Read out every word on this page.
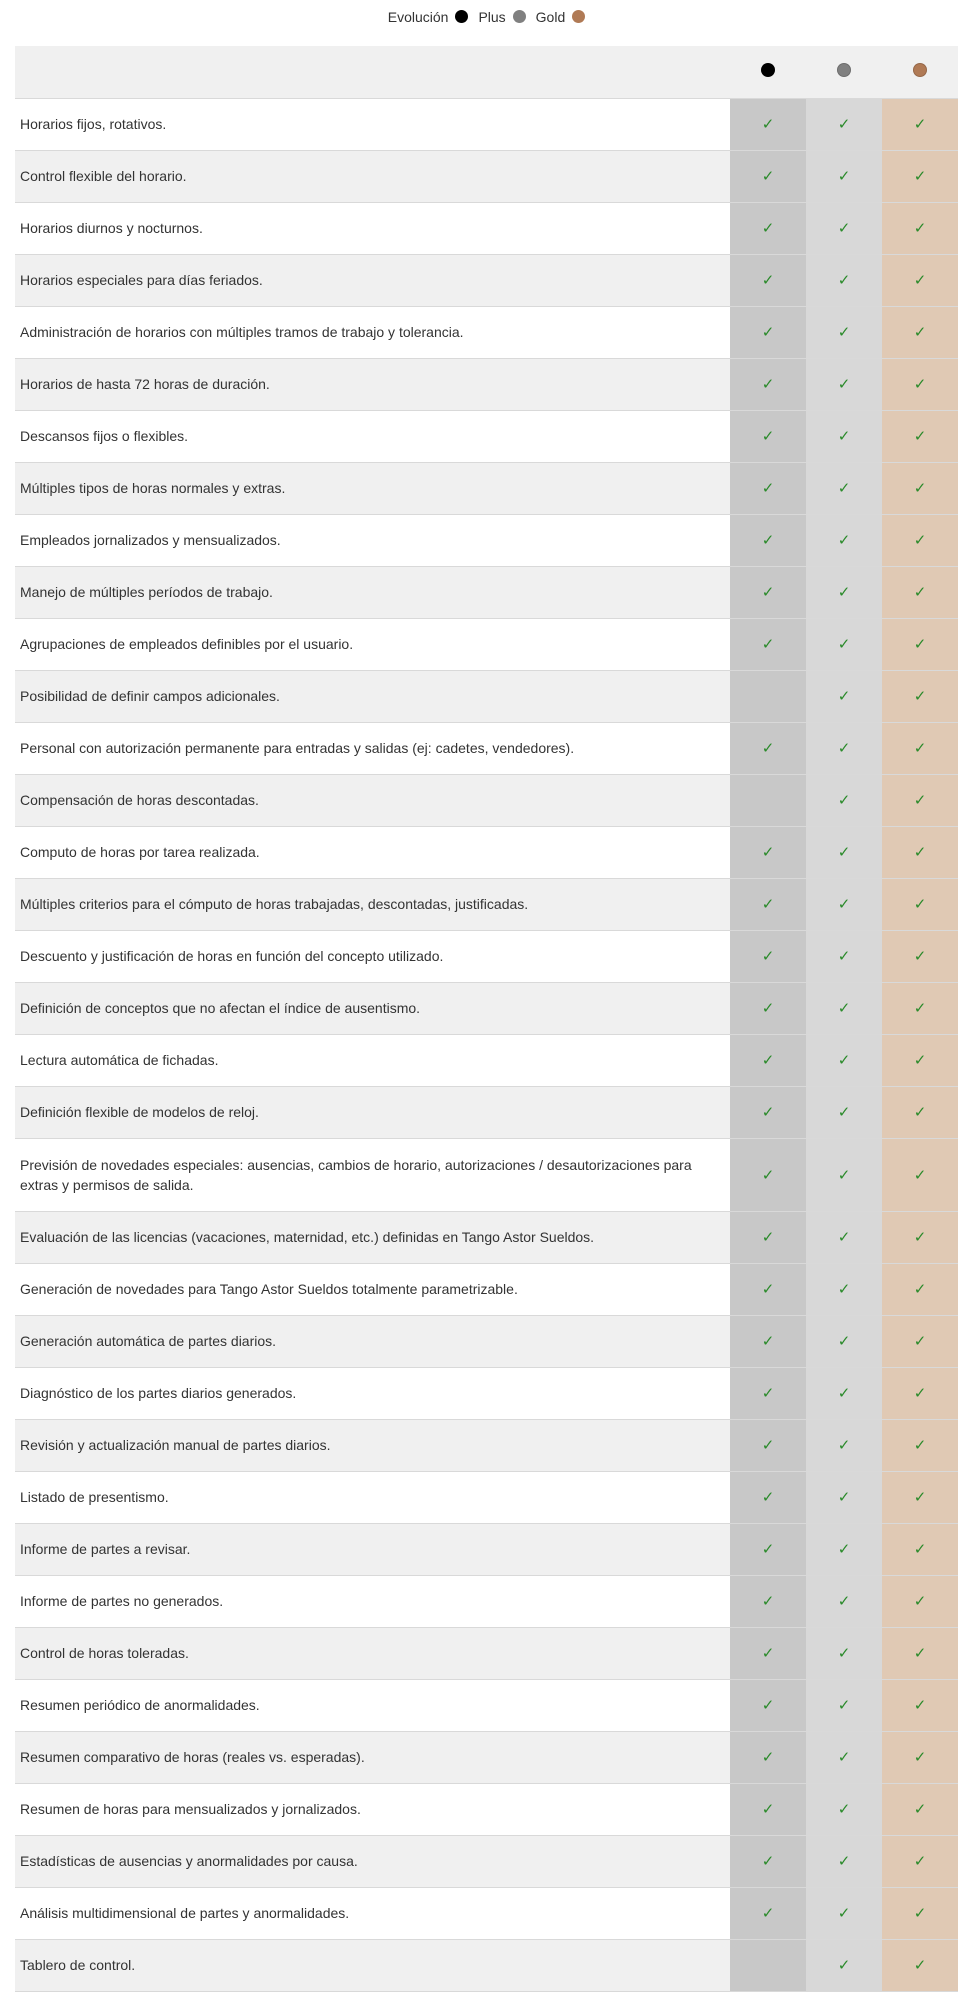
Evolución Plus Gold

Horarios fijos, rotativos.	✓	✓	✓
Control flexible del horario.	✓	✓	✓
Horarios diurnos y nocturnos.	✓	✓	✓
Horarios especiales para días feriados.	✓	✓	✓
Administración de horarios con múltiples tramos de trabajo y tolerancia.	✓	✓	✓
Horarios de hasta 72 horas de duración.	✓	✓	✓
Descansos fijos o flexibles.	✓	✓	✓
Múltiples tipos de horas normales y extras.	✓	✓	✓
Empleados jornalizados y mensualizados.	✓	✓	✓
Manejo de múltiples períodos de trabajo.	✓	✓	✓
Agrupaciones de empleados definibles por el usuario.	✓	✓	✓
Posibilidad de definir campos adicionales.		✓	✓
Personal con autorización permanente para entradas y salidas (ej: cadetes, vendedores).	✓	✓	✓
Compensación de horas descontadas.		✓	✓
Computo de horas por tarea realizada.	✓	✓	✓
Múltiples criterios para el cómputo de horas trabajadas, descontadas, justificadas.	✓	✓	✓
Descuento y justificación de horas en función del concepto utilizado.	✓	✓	✓
Definición de conceptos que no afectan el índice de ausentismo.	✓	✓	✓
Lectura automática de fichadas.	✓	✓	✓
Definición flexible de modelos de reloj.	✓	✓	✓
Previsión de novedades especiales: ausencias, cambios de horario, autorizaciones / desautorizaciones para extras y permisos de salida.	✓	✓	✓
Evaluación de las licencias (vacaciones, maternidad, etc.) definidas en Tango Astor Sueldos.	✓	✓	✓
Generación de novedades para Tango Astor Sueldos totalmente parametrizable.	✓	✓	✓
Generación automática de partes diarios.	✓	✓	✓
Diagnóstico de los partes diarios generados.	✓	✓	✓
Revisión y actualización manual de partes diarios.	✓	✓	✓
Listado de presentismo.	✓	✓	✓
Informe de partes a revisar.	✓	✓	✓
Informe de partes no generados.	✓	✓	✓
Control de horas toleradas.	✓	✓	✓
Resumen periódico de anormalidades.	✓	✓	✓
Resumen comparativo de horas (reales vs. esperadas).	✓	✓	✓
Resumen de horas para mensualizados y jornalizados.	✓	✓	✓
Estadísticas de ausencias y anormalidades por causa.	✓	✓	✓
Análisis multidimensional de partes y anormalidades.	✓	✓	✓
Tablero de control.		✓	✓
